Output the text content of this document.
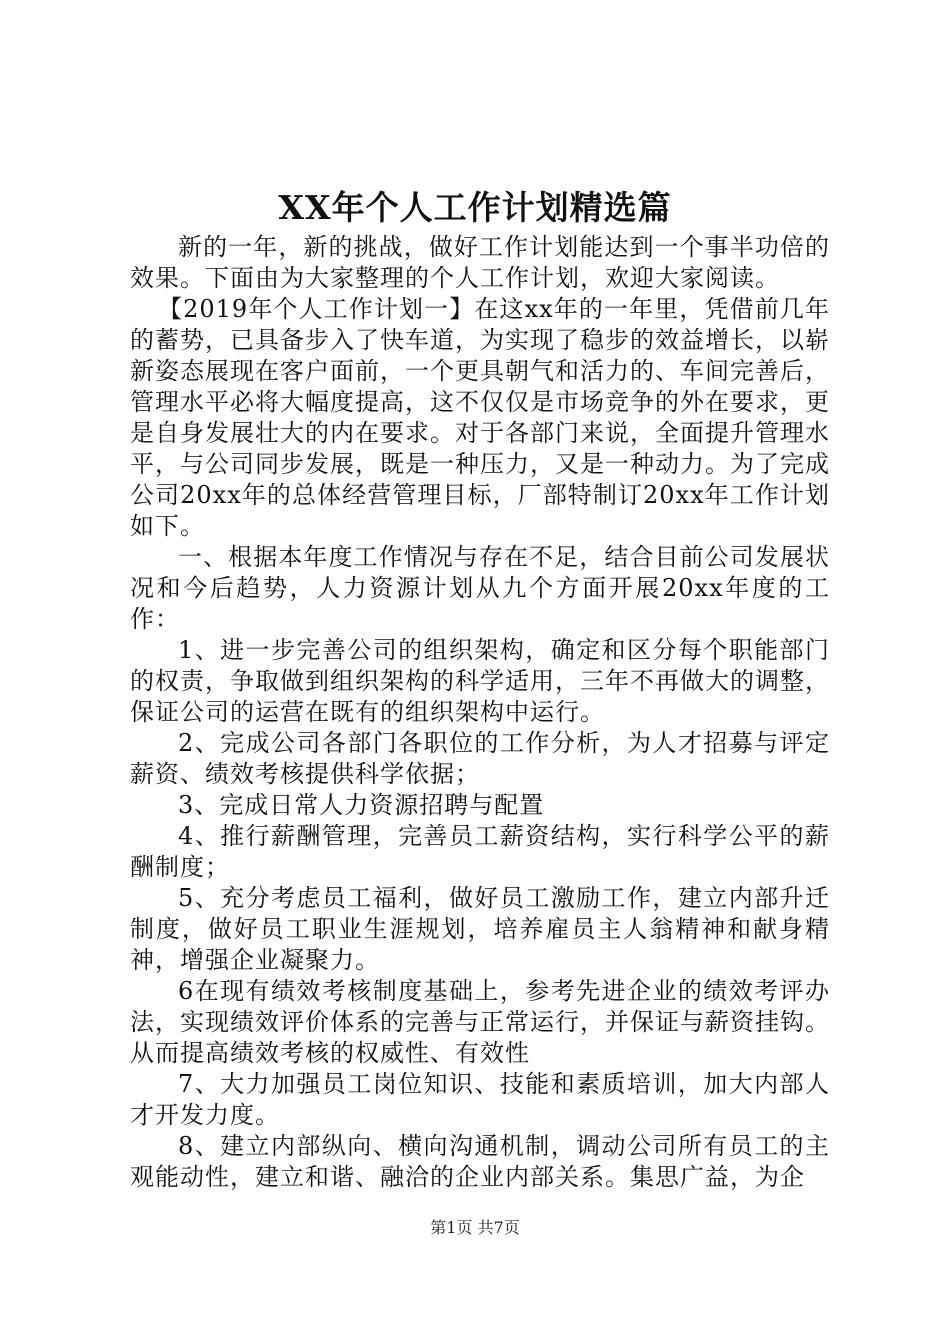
XX年个人工作计划精选篇

新的一年，新的挑战，做好工作计划能达到一个事半功倍的效果。下面由为大家整理的个人工作计划，欢迎大家阅读。

【2019年个人工作计划一】在这xx年的一年里，凭借前几年的蓄势，已具备步入了快车道，为实现了稳步的效益增长，以崭新姿态展现在客户面前，一个更具朝气和活力的、车间完善后，管理水平必将大幅度提高，这不仅仅是市场竞争的外在要求，更是自身发展壮大的内在要求。对于各部门来说，全面提升管理水平，与公司同步发展，既是一种压力，又是一种动力。为了完成公司20xx年的总体经营管理目标，厂部特制订20xx年工作计划如下。

一、根据本年度工作情况与存在不足，结合目前公司发展状况和今后趋势，人力资源计划从九个方面开展20xx年度的工作：

1、进一步完善公司的组织架构，确定和区分每个职能部门的权责，争取做到组织架构的科学适用，三年不再做大的调整，保证公司的运营在既有的组织架构中运行。

2、完成公司各部门各职位的工作分析，为人才招募与评定薪资、绩效考核提供科学依据；

3、完成日常人力资源招聘与配置

4、推行薪酬管理，完善员工薪资结构，实行科学公平的薪酬制度；

5、充分考虑员工福利，做好员工激励工作，建立内部升迁制度，做好员工职业生涯规划，培养雇员主人翁精神和献身精神，增强企业凝聚力。

6在现有绩效考核制度基础上，参考先进企业的绩效考评办法，实现绩效评价体系的完善与正常运行，并保证与薪资挂钩。从而提高绩效考核的权威性、有效性

7、大力加强员工岗位知识、技能和素质培训，加大内部人才开发力度。

8、建立内部纵向、横向沟通机制，调动公司所有员工的主观能动性，建立和谐、融洽的企业内部关系。集思广益，为企

第1页 共7页
